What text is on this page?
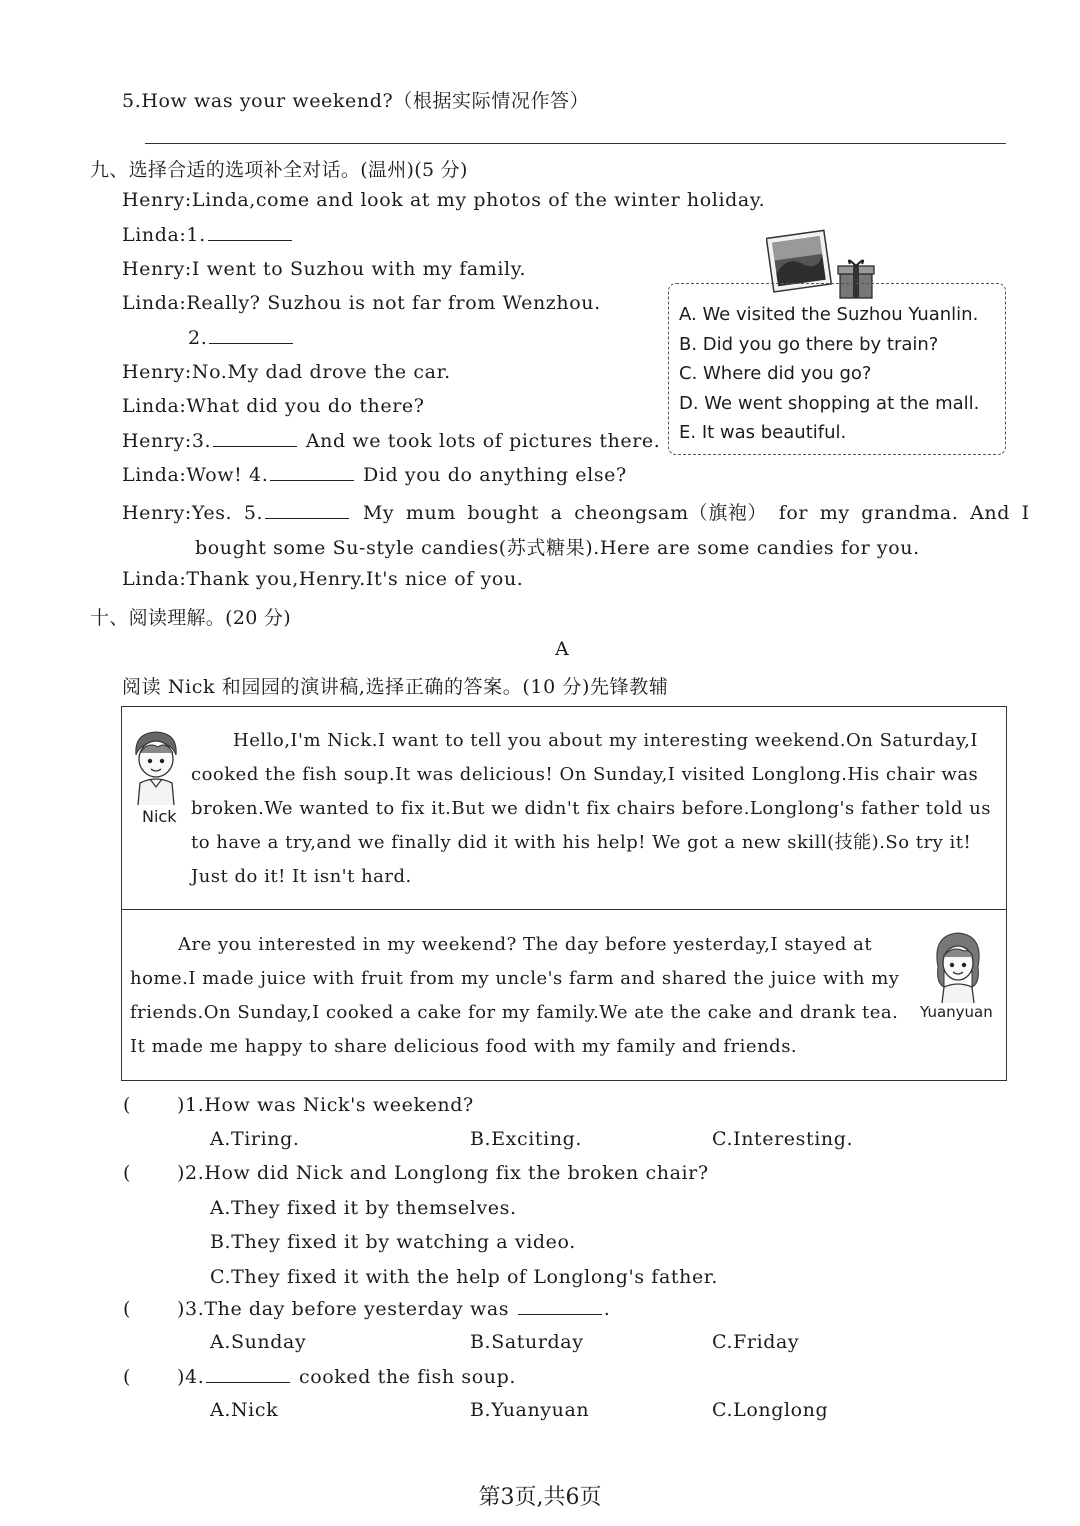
5.How was your weekend?（根据实际情况作答）
九、选择合适的选项补全对话。(温州)(5 分)
Henry:Linda,come and look at my photos of the winter holiday.
Linda:1.
Henry:I went to Suzhou with my family.
Linda:Really? Suzhou is not far from Wenzhou.
2.
Henry:No.My dad drove the car.
Linda:What did you do there?
Henry:3.	And we took lots of pictures there.
Linda:Wow! 4.	Did you do anything else?
Henry:Yes. 5.	My mum bought a cheongsam（旗袍） for my grandma. And I
bought some Su-style candies(苏式糖果).Here are some candies for you.
Linda:Thank you,Henry.It's nice of you.
A. We visited the Suzhou Yuanlin.
B. Did you go there by train?
C. Where did you go?
D. We went shopping at the mall.
E. It was beautiful.
十、阅读理解。(20 分)
A
阅读 Nick 和园园的演讲稿,选择正确的答案。(10 分)先锋教辅
Nick
Hello,I'm Nick.I want to tell you about my interesting weekend.On Saturday,I
cooked the fish soup.It was delicious! On Sunday,I visited Longlong.His chair was
broken.We wanted to fix it.But we didn't fix chairs before.Longlong's father told us
to have a try,and we finally did it with his help! We got a new skill(技能).So try it!
Just do it! It isn't hard.
Are you interested in my weekend? The day before yesterday,I stayed at
home.I made juice with fruit from my uncle's farm and shared the juice with my
friends.On Sunday,I cooked a cake for my family.We ate the cake and drank tea.
It made me happy to share delicious food with my family and friends.
Yuanyuan
( )1.How was Nick's weekend?
A.Tiring.	B.Exciting.	C.Interesting.
( )2.How did Nick and Longlong fix the broken chair?
A.They fixed it by themselves.
B.They fixed it by watching a video.
C.They fixed it with the help of Longlong's father.
( )3.The day before yesterday was	.
A.Sunday	B.Saturday	C.Friday
( )4.	cooked the fish soup.
A.Nick	B.Yuanyuan	C.Longlong
第3页,共6页
